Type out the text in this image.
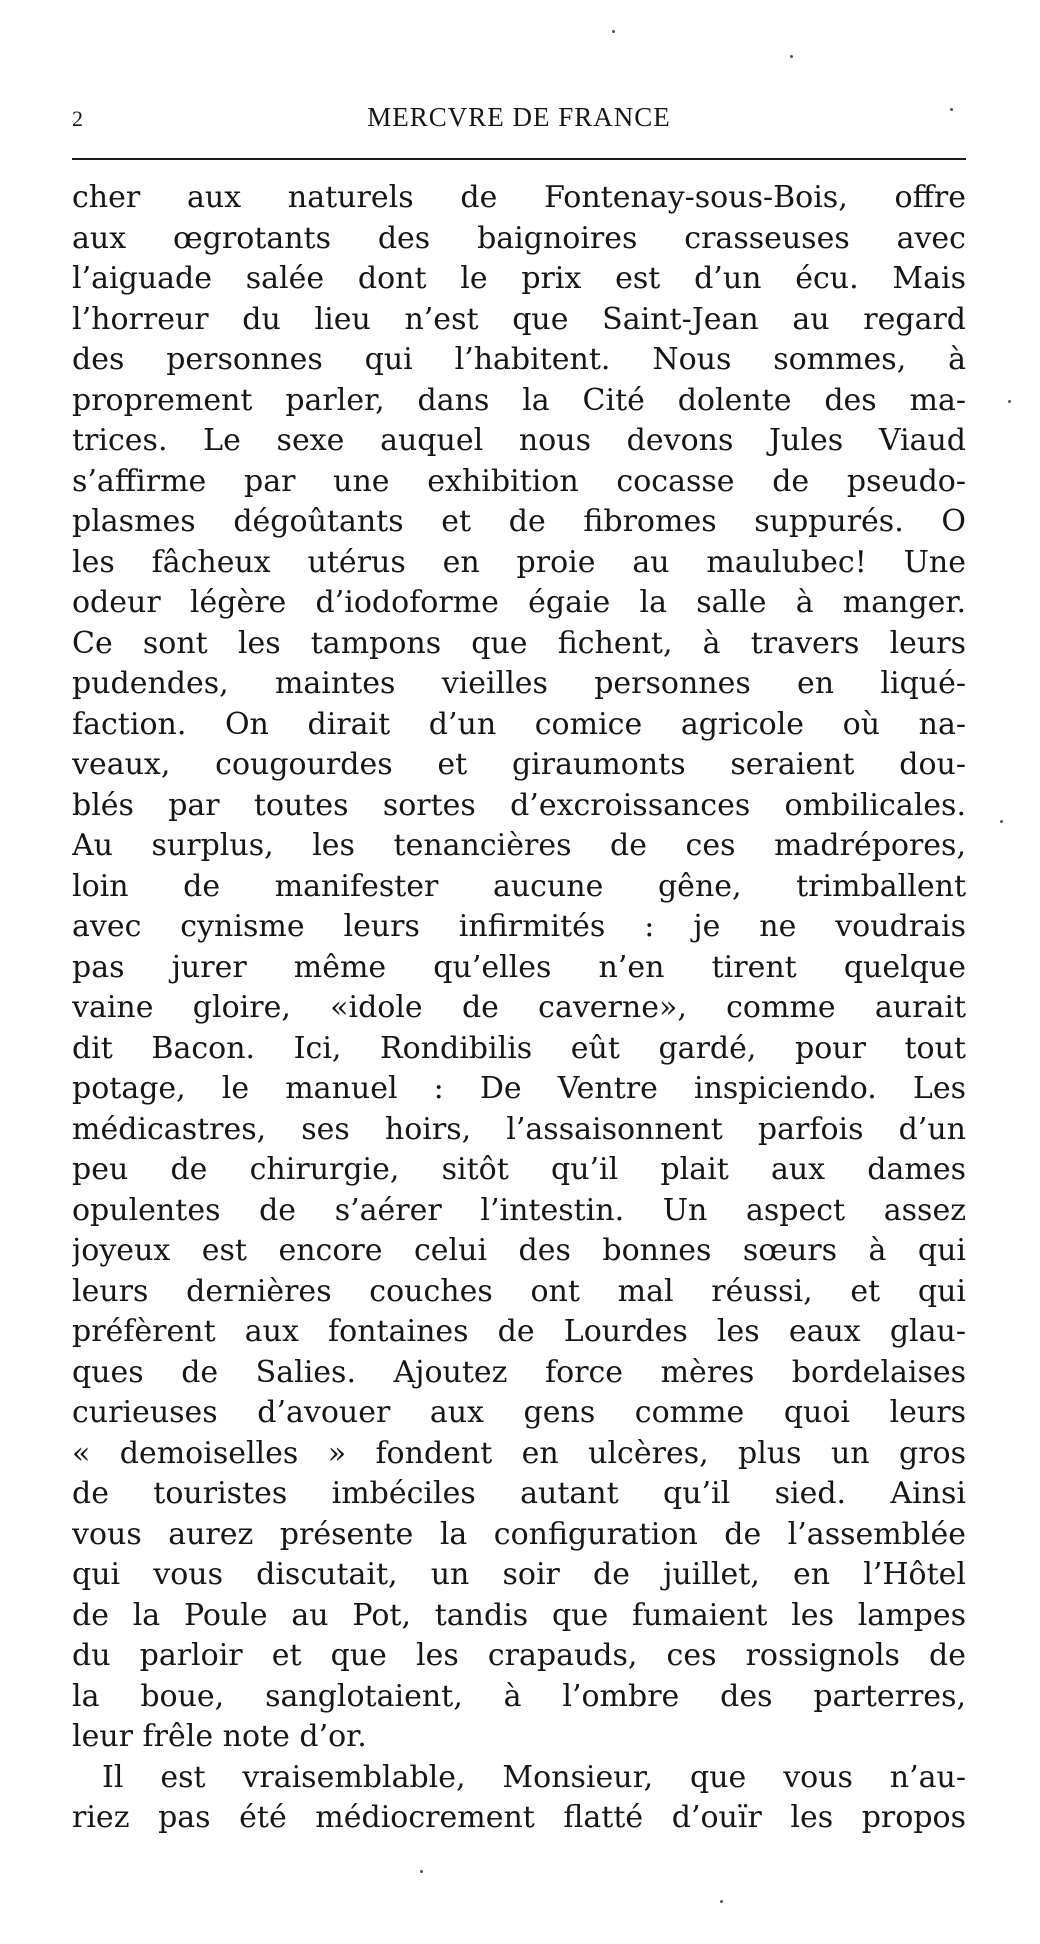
2	MERCVRE DE FRANCE
cher aux naturels de Fontenay-sous-Bois, offre
aux œgrotants des baignoires crasseuses avec
l’aiguade salée dont le prix est d’un écu. Mais
l’horreur du lieu n’est que Saint-Jean au regard
des personnes qui l’habitent. Nous sommes, à
proprement parler, dans la Cité dolente des ma-
trices. Le sexe auquel nous devons Jules Viaud
s’affirme par une exhibition cocasse de pseudo-
plasmes dégoûtants et de fibromes suppurés. O
les fâcheux utérus en proie au maulubec! Une
odeur légère d’iodoforme égaie la salle à manger.
Ce sont les tampons que fichent, à travers leurs
pudendes, maintes vieilles personnes en liqué-
faction. On dirait d’un comice agricole où na-
veaux, cougourdes et giraumonts seraient dou-
blés par toutes sortes d’excroissances ombilicales.
Au surplus, les tenancières de ces madrépores,
loin de manifester aucune gêne, trimballent
avec cynisme leurs infirmités : je ne voudrais
pas jurer même qu’elles n’en tirent quelque
vaine gloire, «idole de caverne», comme aurait
dit Bacon. Ici, Rondibilis eût gardé, pour tout
potage, le manuel : De Ventre inspiciendo. Les
médicastres, ses hoirs, l’assaisonnent parfois d’un
peu de chirurgie, sitôt qu’il plait aux dames
opulentes de s’aérer l’intestin. Un aspect assez
joyeux est encore celui des bonnes sœurs à qui
leurs dernières couches ont mal réussi, et qui
préfèrent aux fontaines de Lourdes les eaux glau-
ques de Salies. Ajoutez force mères bordelaises
curieuses d’avouer aux gens comme quoi leurs
« demoiselles » fondent en ulcères, plus un gros
de touristes imbéciles autant qu’il sied. Ainsi
vous aurez présente la configuration de l’assemblée
qui vous discutait, un soir de juillet, en l’Hôtel
de la Poule au Pot, tandis que fumaient les lampes
du parloir et que les crapauds, ces rossignols de
la boue, sanglotaient, à l’ombre des parterres,
leur frêle note d’or.
Il est vraisemblable, Monsieur, que vous n’au-
riez pas été médiocrement flatté d’ouïr les propos
